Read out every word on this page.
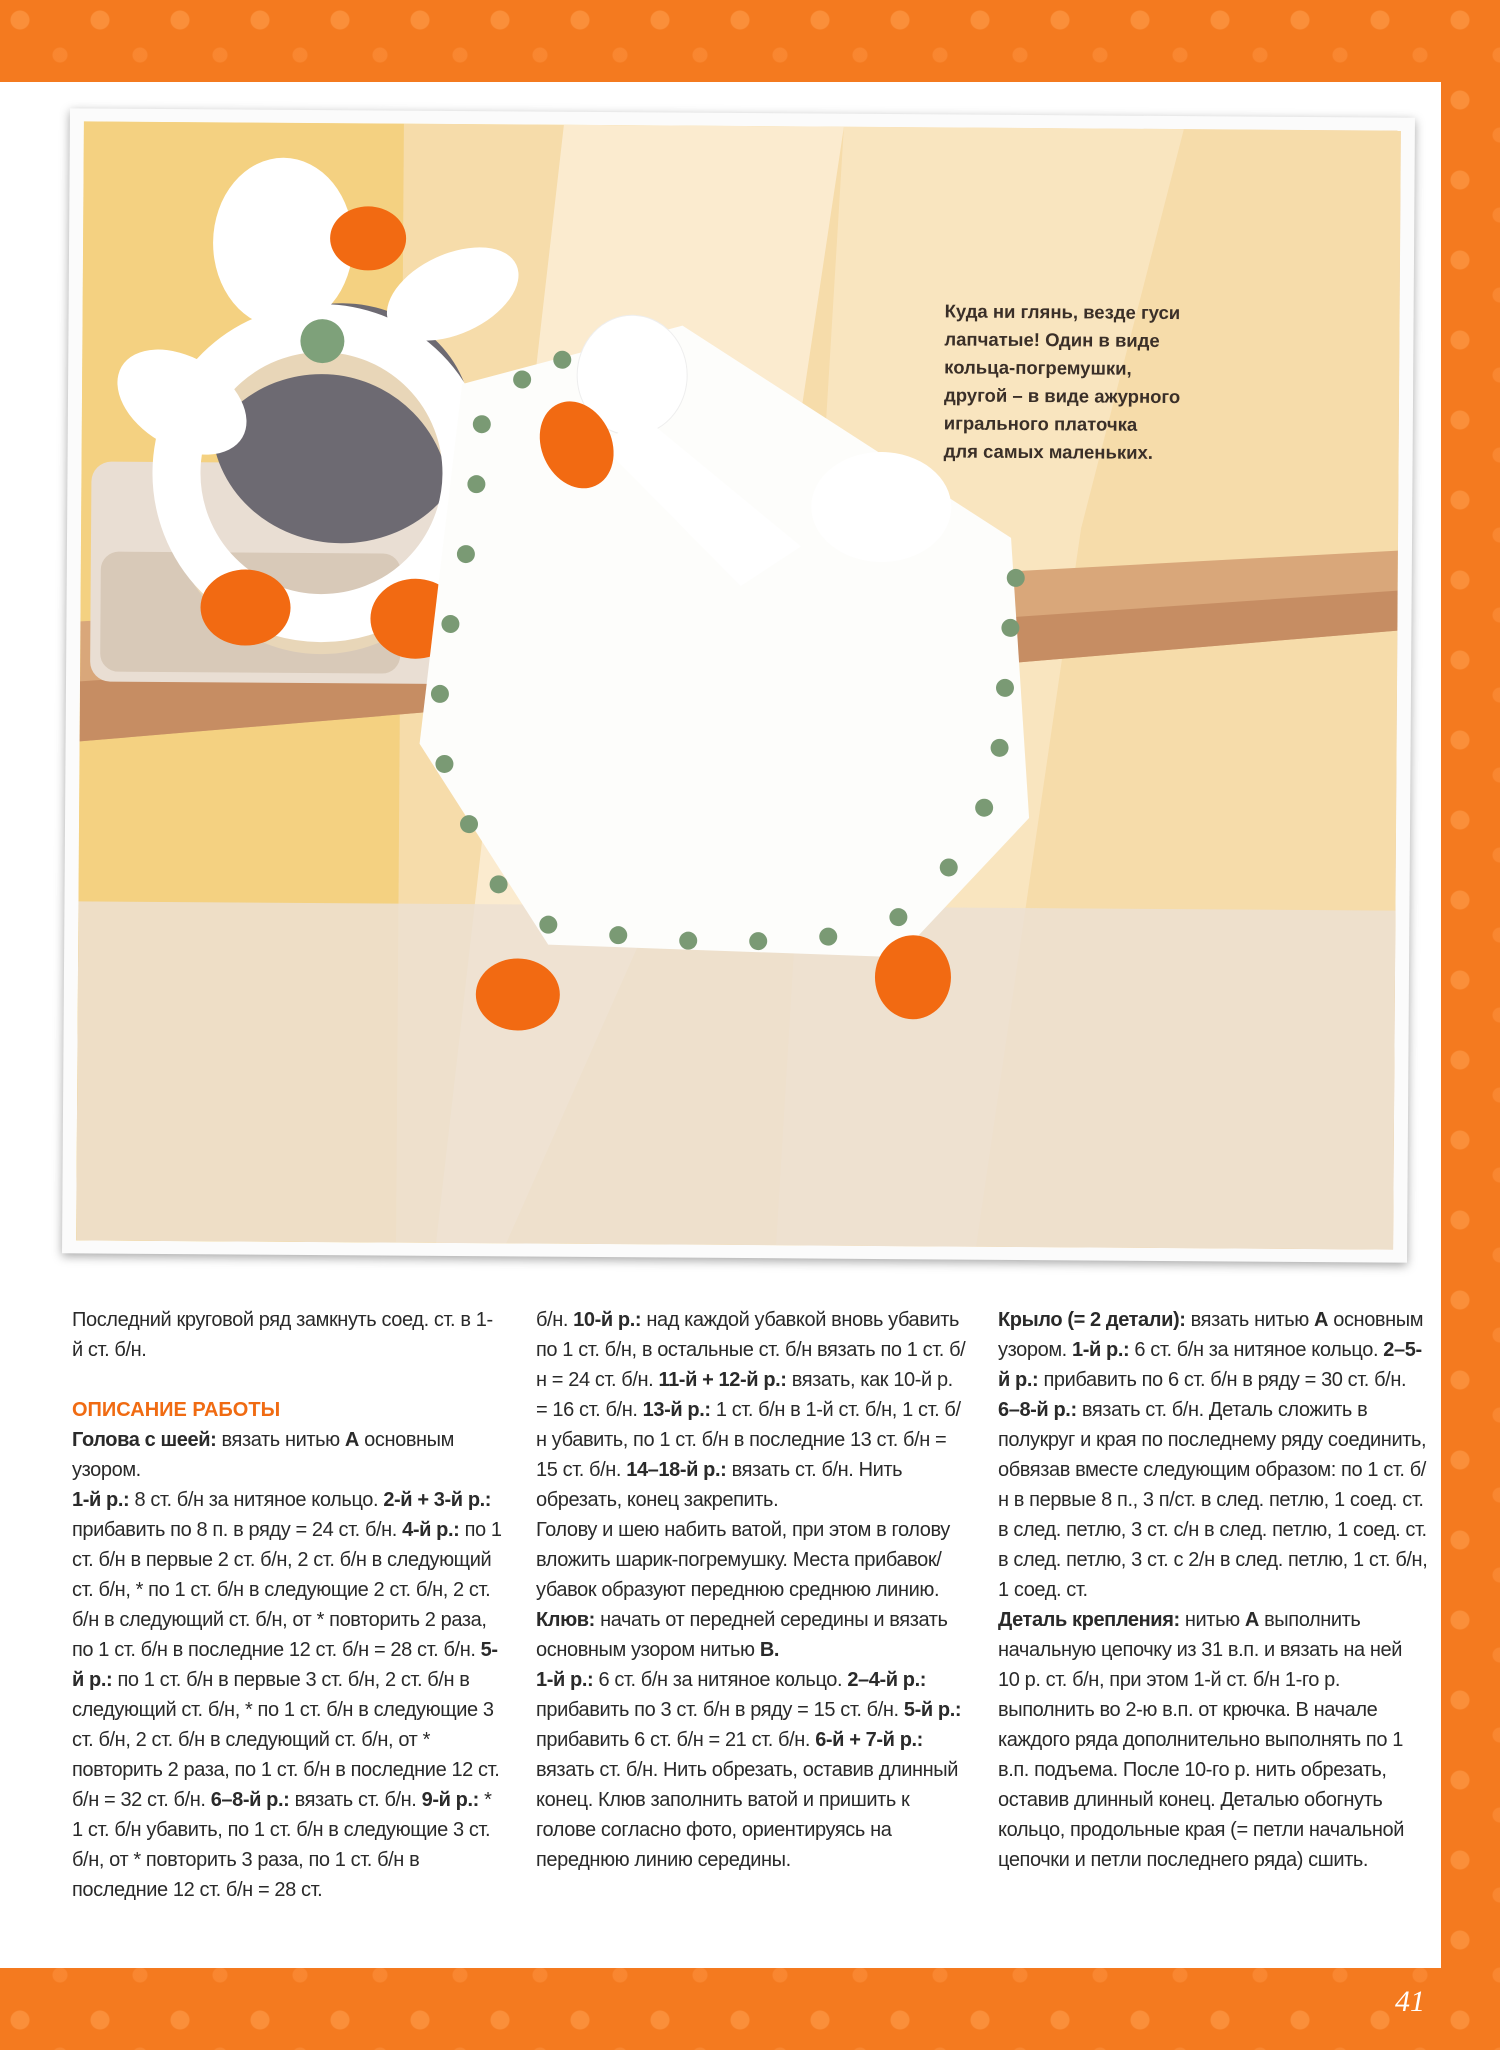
Куда ни глянь, везде гуси
лапчатые! Один в виде
кольца-погремушки,
другой – в виде ажурного
игрального платочка
для самых маленьких.

Последний круговой ряд замкнуть соед. ст. в 1-й ст. б/н.

ОПИСАНИЕ РАБОТЫ

Голова с шеей: вязать нитью А основным узором.

1-й р.: 8 ст. б/н за нитяное кольцо. 2-й + 3-й р.: прибавить по 8 п. в ряду = 24 ст. б/н. 4-й р.: по 1 ст. б/н в первые 2 ст. б/н, 2 ст. б/н в следующий ст. б/н, * по 1 ст. б/н в следующие 2 ст. б/н, 2 ст. б/н в следующий ст. б/н, от * повторить 2 раза, по 1 ст. б/н в последние 12 ст. б/н = 28 ст. б/н. 5-й р.: по 1 ст. б/н в первые 3 ст. б/н, 2 ст. б/н в следующий ст. б/н, * по 1 ст. б/н в следующие 3 ст. б/н, 2 ст. б/н в следующий ст. б/н, от * повторить 2 раза, по 1 ст. б/н в последние 12 ст. б/н = 32 ст. б/н. 6–8-й р.: вязать ст. б/н. 9-й р.: * 1 ст. б/н убавить, по 1 ст. б/н в следующие 3 ст. б/н, от * повторить 3 раза, по 1 ст. б/н в последние 12 ст. б/н = 28 ст.

б/н. 10-й р.: над каждой убавкой вновь убавить по 1 ст. б/н, в остальные ст. б/н вязать по 1 ст. б/н = 24 ст. б/н. 11-й + 12-й р.: вязать, как 10-й р. = 16 ст. б/н. 13-й р.: 1 ст. б/н в 1-й ст. б/н, 1 ст. б/н убавить, по 1 ст. б/н в последние 13 ст. б/н = 15 ст. б/н. 14–18-й р.: вязать ст. б/н. Нить обрезать, конец закрепить.

Голову и шею набить ватой, при этом в голову вложить шарик-погремушку. Места прибавок/убавок образуют переднюю среднюю линию.

Клюв: начать от передней середины и вязать основным узором нитью В.

1-й р.: 6 ст. б/н за нитяное кольцо. 2–4-й р.: прибавить по 3 ст. б/н в ряду = 15 ст. б/н. 5-й р.: прибавить 6 ст. б/н = 21 ст. б/н. 6-й + 7-й р.: вязать ст. б/н. Нить обрезать, оставив длинный конец. Клюв заполнить ватой и пришить к голове согласно фото, ориентируясь на переднюю линию середины.

Крыло (= 2 детали): вязать нитью А основным узором. 1-й р.: 6 ст. б/н за нитяное кольцо. 2–5-й р.: прибавить по 6 ст. б/н в ряду = 30 ст. б/н. 6–8-й р.: вязать ст. б/н. Деталь сложить в полукруг и края по последнему ряду соединить, обвязав вместе следующим образом: по 1 ст. б/н в первые 8 п., 3 п/ст. в след. петлю, 1 соед. ст. в след. петлю, 3 ст. с/н в след. петлю, 1 соед. ст. в след. петлю, 3 ст. с 2/н в след. петлю, 1 ст. б/н, 1 соед. ст.

Деталь крепления: нитью А выполнить начальную цепочку из 31 в.п. и вязать на ней 10 р. ст. б/н, при этом 1-й ст. б/н 1-го р. выполнить во 2-ю в.п. от крючка. В начале каждого ряда дополнительно выполнять по 1 в.п. подъема. После 10-го р. нить обрезать, оставив длинный конец. Деталью обогнуть кольцо, продольные края (= петли начальной цепочки и петли последнего ряда) сшить.

41
